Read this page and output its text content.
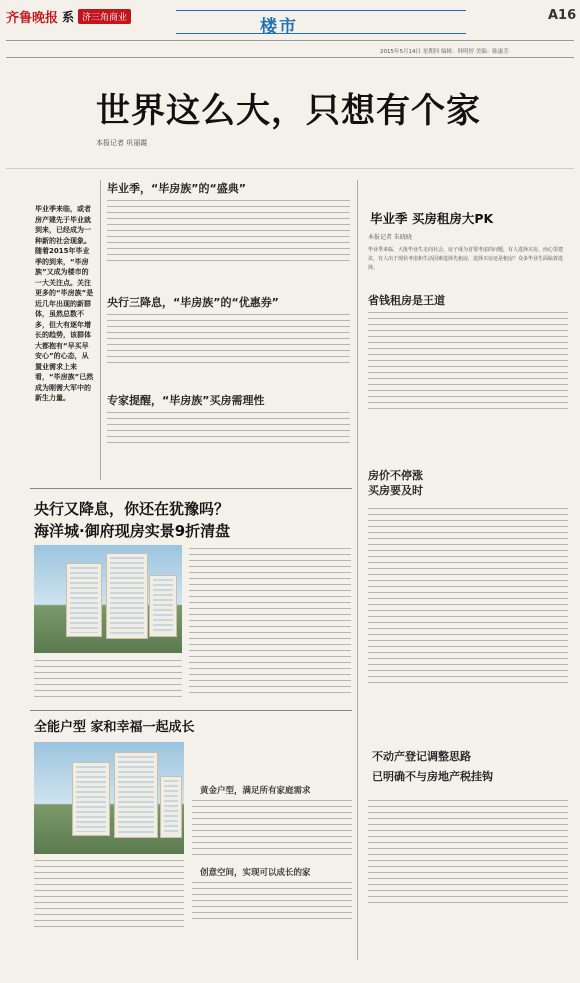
齐鲁晚报 系 济三角商业	楼市
A16
2015年5月14日 星期四 编辑：韩明婷 美编：陈惠芳
世界这么大，只想有个家
本报记者 巩丽霞
毕业季来临，或者房产建先于毕业就到来，已经成为一种新的社会现象。随着2015年毕业季的到来，“毕房族”又成为楼市的一大关注点。关注更多的“毕房族”是近几年出现的新群体，虽然总数不多，但大有逐年增长的趋势，该群体大都抱有“早买早安心”的心态，从置业需求上来看，“毕房族”已然成为刚需大军中的新生力量。
毕业季，“毕房族”的“盛典”
央行三降息，“毕房族”的“优惠券”
专家提醒，“毕房族”买房需理性
毕业季 买房租房大PK
本报记者 朱晓晓
毕业季来临，大批毕业生走向社会，房子成为首要考虑的问题，有人选择买房，而心里建议，有人出于现状考虑和生活因素选择先租房，选择买房还是租房？众多毕业生面临着选择。
省钱租房是王道
房价不停涨
买房要及时
央行又降息，你还在犹豫吗？
海洋城·御府现房实景9折清盘
全能户型 家和幸福一起成长
黄金户型，满足所有家庭需求
创意空间，实现可以成长的家
不动产登记调整思路
已明确不与房地产税挂钩
